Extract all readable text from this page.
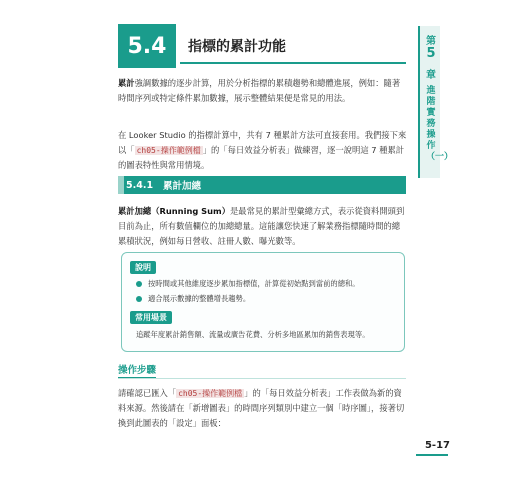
5.4	指標的累計功能	第
5
章
進階實務操作（一）

累計強調數據的逐步計算，用於分析指標的累積趨勢和總體進展，例如：隨著時間序列或特定條件累加數據，展示整體結果便是常見的用法。

在 Looker Studio 的指標計算中，共有 7 種累計方法可直接套用。我們接下來以「 ch05-操作範例檔 」的「每日效益分析表」做練習，逐一說明這 7 種累計的圖表特性與常用情境。

5.4.1
累計加總

累計加總（Running Sum）是最常見的累計型彙總方式，表示從資料開頭到目前為止，所有數值欄位的加總總量。這能讓您快速了解業務指標隨時間的總累積狀況，例如每日營收、註冊人數、曝光數等。

說明
按時間或其他維度逐步累加指標值，計算從初始點到當前的總和。
適合展示數據的整體增長趨勢。
常用場景
追蹤年度累計銷售額、流量或廣告花費、分析多地區累加的銷售表現等。
操作步驟

請確認已匯入「 ch05-操作範例檔 」的「每日效益分析表」工作表做為新的資料來源。然後請在「新增圖表」的時間序列類別中建立一個「時序圖」，接著切換到此圖表的「設定」面板：

5-17
